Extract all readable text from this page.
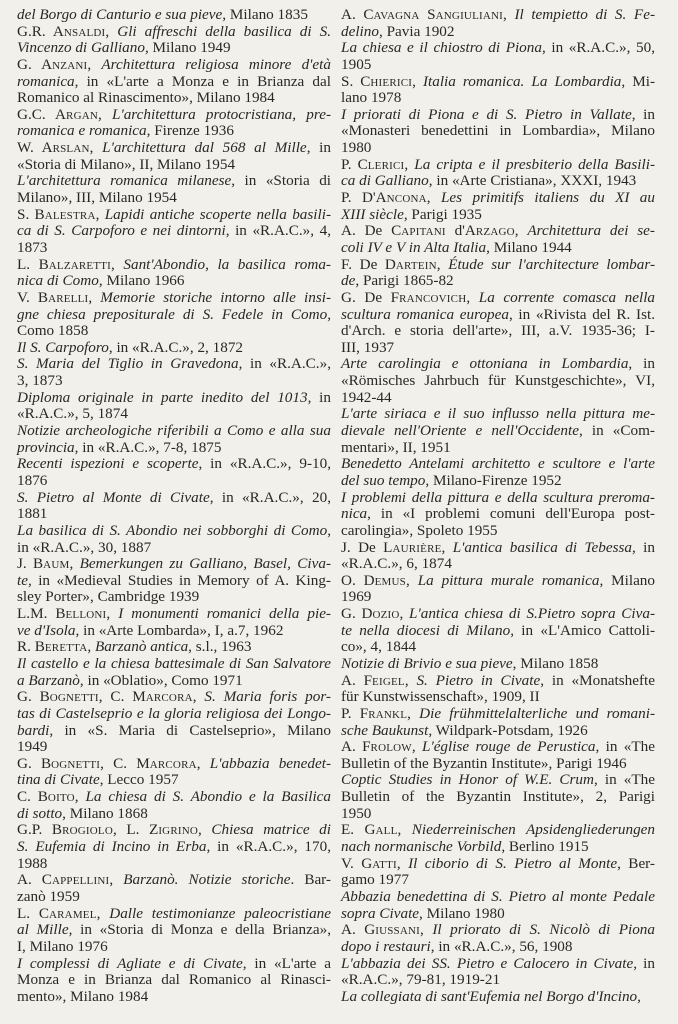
del Borgo di Canturio e sua pieve, Milano 1835
G.R. Ansaldi, Gli affreschi della basilica di S.
Vincenzo di Galliano, Milano 1949
G. Anzani, Architettura religiosa minore d'età
romanica, in «L'arte a Monza e in Brianza dal
Romanico al Rinascimento», Milano 1984
G.C. Argan, L'architettura protocristiana, pre-
romanica e romanica, Firenze 1936
W. Arslan, L'architettura dal 568 al Mille, in
«Storia di Milano», II, Milano 1954
L'architettura romanica milanese, in «Storia di
Milano», III, Milano 1954
S. Balestra, Lapidi antiche scoperte nella basili-
ca di S. Carpoforo e nei dintorni, in «R.A.C.», 4,
1873
L. Balzaretti, Sant'Abondio, la basilica roma-
nica di Como, Milano 1966
V. Barelli, Memorie storiche intorno alle insi-
gne chiesa prepositurale di S. Fedele in Como,
Como 1858
Il S. Carpoforo, in «R.A.C.», 2, 1872
S. Maria del Tiglio in Gravedona, in «R.A.C.»,
3, 1873
Diploma originale in parte inedito del 1013, in
«R.A.C.», 5, 1874
Notizie archeologiche riferibili a Como e alla sua
provincia, in «R.A.C.», 7-8, 1875
Recenti ispezioni e scoperte, in «R.A.C.», 9-10,
1876
S. Pietro al Monte di Civate, in «R.A.C.», 20,
1881
La basilica di S. Abondio nei sobborghi di Como,
in «R.A.C.», 30, 1887
J. Baum, Bemerkungen zu Galliano, Basel, Civa-
te, in «Medieval Studies in Memory of A. King-
sley Porter», Cambridge 1939
L.M. Belloni, I monumenti romanici della pie-
ve d'Isola, in «Arte Lombarda», I, a.7, 1962
R. Beretta, Barzanò antica, s.l., 1963
Il castello e la chiesa battesimale di San Salvatore
a Barzanò, in «Oblatio», Como 1971
G. Bognetti, C. Marcora, S. Maria foris por-
tas di Castelseprio e la gloria religiosa dei Longo-
bardi, in «S. Maria di Castelseprio», Milano
1949
G. Bognetti, C. Marcora, L'abbazia benedet-
tina di Civate, Lecco 1957
C. Boito, La chiesa di S. Abondio e la Basilica
di sotto, Milano 1868
G.P. Brogiolo, L. Zigrino, Chiesa matrice di
S. Eufemia di Incino in Erba, in «R.A.C.», 170,
1988
A. Cappellini, Barzanò. Notizie storiche. Bar-
zanò 1959
L. Caramel, Dalle testimonianze paleocristiane
al Mille, in «Storia di Monza e della Brianza»,
I, Milano 1976
I complessi di Agliate e di Civate, in «L'arte a
Monza e in Brianza dal Romanico al Rinasci-
mento», Milano 1984
A. Cavagna Sangiuliani, Il tempietto di S. Fe-
delino, Pavia 1902
La chiesa e il chiostro di Piona, in «R.A.C.», 50,
1905
S. Chierici, Italia romanica. La Lombardia, Mi-
lano 1978
I priorati di Piona e di S. Pietro in Vallate, in
«Monasteri benedettini in Lombardia», Milano
1980
P. Clerici, La cripta e il presbiterio della Basili-
ca di Galliano, in «Arte Cristiana», XXXI, 1943
P. D'Ancona, Les primitifs italiens du XI au
XIII siècle, Parigi 1935
A. De Capitani d'Arzago, Architettura dei se-
coli IV e V in Alta Italia, Milano 1944
F. De Dartein, Étude sur l'architecture lombar-
de, Parigi 1865-82
G. De Francovich, La corrente comasca nella
scultura romanica europea, in «Rivista del R. Ist.
d'Arch. e storia dell'arte», III, a.V. 1935-36; I-
III, 1937
Arte carolingia e ottoniana in Lombardia, in
«Römisches Jahrbuch für Kunstgeschichte», VI,
1942-44
L'arte siriaca e il suo influsso nella pittura me-
dievale nell'Oriente e nell'Occidente, in «Com-
mentari», II, 1951
Benedetto Antelami architetto e scultore e l'arte
del suo tempo, Milano-Firenze 1952
I problemi della pittura e della scultura preroma-
nica, in «I problemi comuni dell'Europa post-
carolingia», Spoleto 1955
J. De Laurière, L'antica basilica di Tebessa, in
«R.A.C.», 6, 1874
O. Demus, La pittura murale romanica, Milano
1969
G. Dozio, L'antica chiesa di S.Pietro sopra Civa-
te nella diocesi di Milano, in «L'Amico Cattoli-
co», 4, 1844
Notizie di Brivio e sua pieve, Milano 1858
A. Feigel, S. Pietro in Civate, in «Monatshefte
für Kunstwissenschaft», 1909, II
P. Frankl, Die frühmittelalterliche und romani-
sche Baukunst, Wildpark-Potsdam, 1926
A. Frolow, L'église rouge de Perustica, in «The
Bulletin of the Byzantin Institute», Parigi 1946
Coptic Studies in Honor of W.E. Crum, in «The
Bulletin of the Byzantin Institute», 2, Parigi
1950
E. Gall, Niederreinischen Apsidengliederungen
nach normanische Vorbild, Berlino 1915
V. Gatti, Il ciborio di S. Pietro al Monte, Ber-
gamo 1977
Abbazia benedettina di S. Pietro al monte Pedale
sopra Civate, Milano 1980
A. Giussani, Il priorato di S. Nicolò di Piona
dopo i restauri, in «R.A.C.», 56, 1908
L'abbazia dei SS. Pietro e Calocero in Civate, in
«R.A.C.», 79-81, 1919-21
La collegiata di sant'Eufemia nel Borgo d'Incino,
